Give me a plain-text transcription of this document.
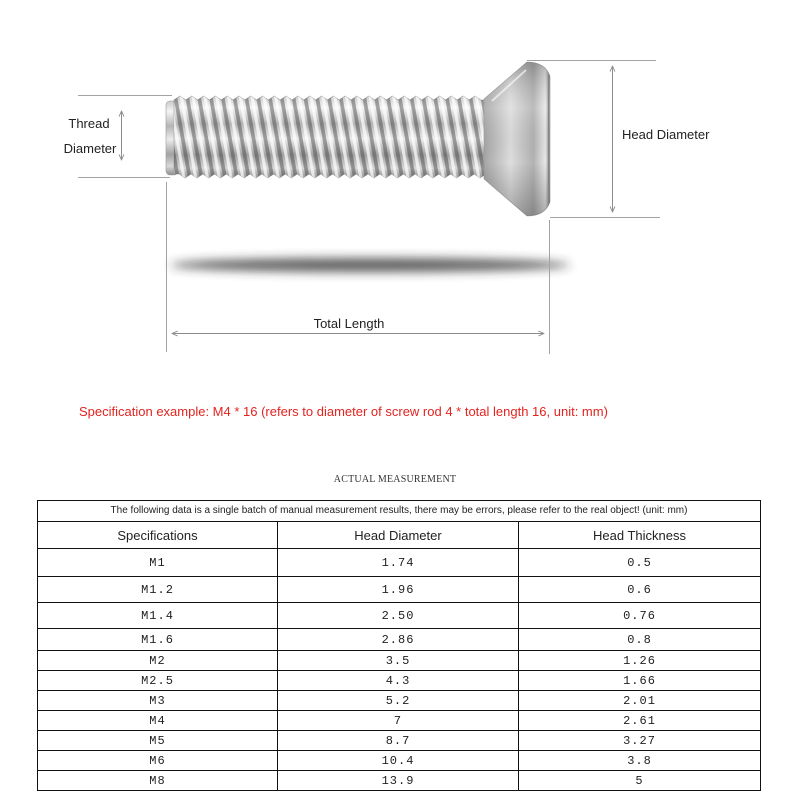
Thread
Diameter
Head Diameter
Total Length
Specification example: M4 * 16 (refers to diameter of screw rod 4 * total length 16, unit: mm)
ACTUAL MEASUREMENT
The following data is a single batch of manual measurement results, there may be errors, please refer to the real object! (unit: mm)		
Specifications	Head Diameter	Head Thickness
M1	1.74	0.5
M1.2	1.96	0.6
M1.4	2.50	0.76
M1.6	2.86	0.8
M2	3.5	1.26
M2.5	4.3	1.66
M3	5.2	2.01
M4	7	2.61
M5	8.7	3.27
M6	10.4	3.8
M8	13.9	5
